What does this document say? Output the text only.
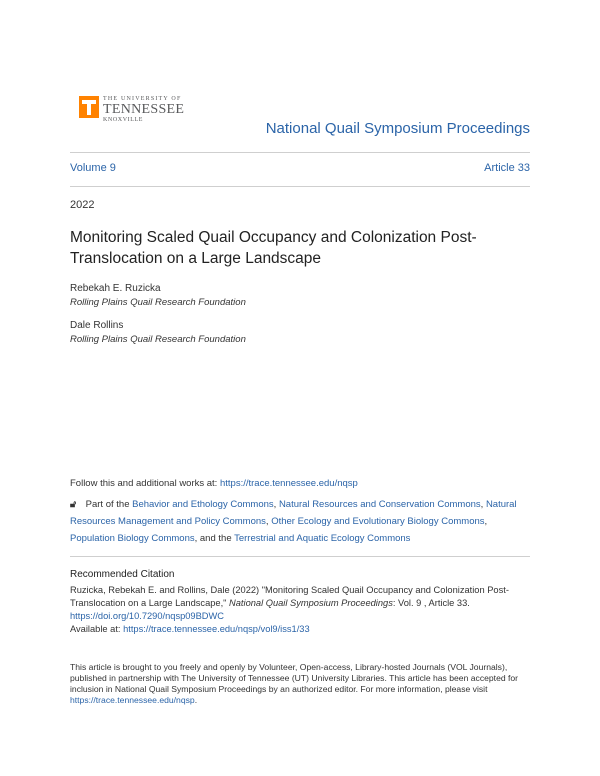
THE UNIVERSITY OF
TENNESSEE
KNOXVILLE	National Quail Symposium Proceedings
Volume 9	Article 33
2022
Monitoring Scaled Quail Occupancy and Colonization Post-Translocation on a Large Landscape
Rebekah E. Ruzicka
Rolling Plains Quail Research Foundation
Dale Rollins
Rolling Plains Quail Research Foundation
Follow this and additional works at: https://trace.tennessee.edu/nqsp
🔓︎ Part of the Behavior and Ethology Commons, Natural Resources and Conservation Commons, Natural Resources Management and Policy Commons, Other Ecology and Evolutionary Biology Commons, Population Biology Commons, and the Terrestrial and Aquatic Ecology Commons
Recommended Citation
Ruzicka, Rebekah E. and Rollins, Dale (2022) "Monitoring Scaled Quail Occupancy and Colonization Post-Translocation on a Large Landscape," National Quail Symposium Proceedings: Vol. 9 , Article 33.
https://doi.org/10.7290/nqsp09BDWC
Available at: https://trace.tennessee.edu/nqsp/vol9/iss1/33
This article is brought to you freely and openly by Volunteer, Open-access, Library-hosted Journals (VOL Journals), published in partnership with The University of Tennessee (UT) University Libraries. This article has been accepted for inclusion in National Quail Symposium Proceedings by an authorized editor. For more information, please visit https://trace.tennessee.edu/nqsp.
